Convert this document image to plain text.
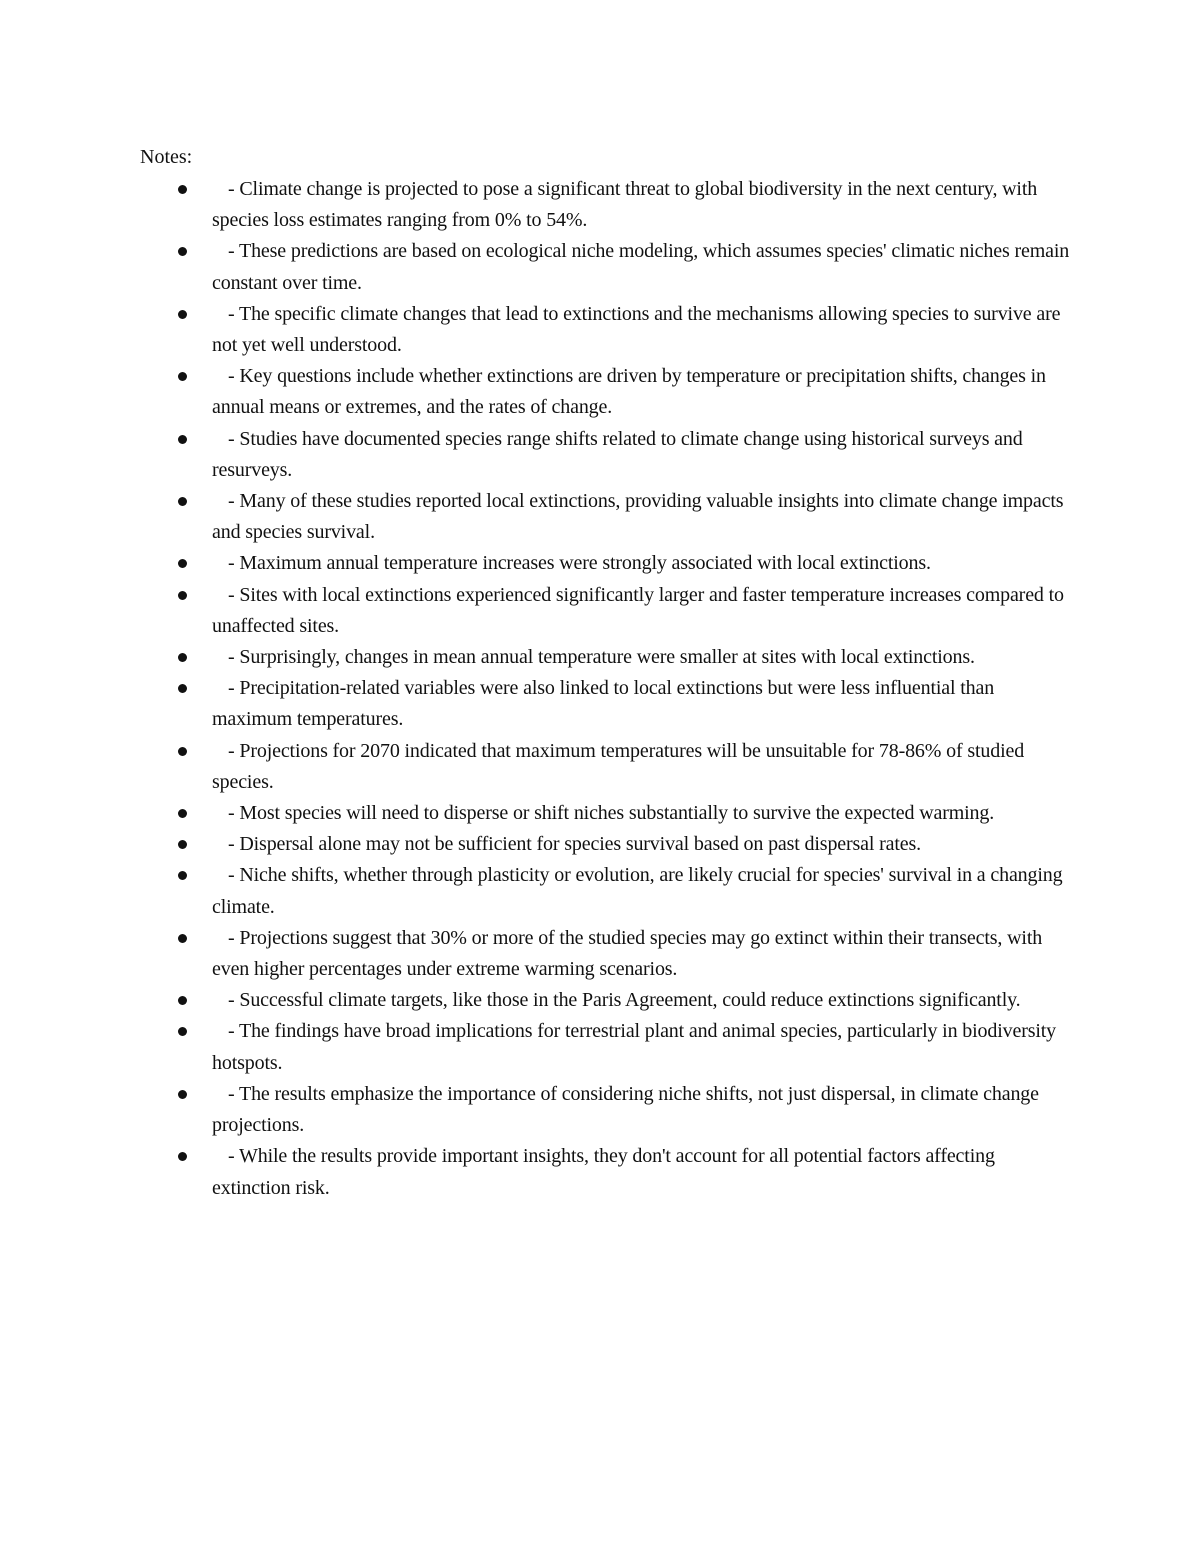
Notes:
- Climate change is projected to pose a significant threat to global biodiversity in the next century, with species loss estimates ranging from 0% to 54%.
- These predictions are based on ecological niche modeling, which assumes species' climatic niches remain constant over time.
- The specific climate changes that lead to extinctions and the mechanisms allowing species to survive are not yet well understood.
- Key questions include whether extinctions are driven by temperature or precipitation shifts, changes in annual means or extremes, and the rates of change.
- Studies have documented species range shifts related to climate change using historical surveys and resurveys.
- Many of these studies reported local extinctions, providing valuable insights into climate change impacts and species survival.
- Maximum annual temperature increases were strongly associated with local extinctions.
- Sites with local extinctions experienced significantly larger and faster temperature increases compared to unaffected sites.
- Surprisingly, changes in mean annual temperature were smaller at sites with local extinctions.
- Precipitation-related variables were also linked to local extinctions but were less influential than maximum temperatures.
- Projections for 2070 indicated that maximum temperatures will be unsuitable for 78-86% of studied species.
- Most species will need to disperse or shift niches substantially to survive the expected warming.
- Dispersal alone may not be sufficient for species survival based on past dispersal rates.
- Niche shifts, whether through plasticity or evolution, are likely crucial for species' survival in a changing climate.
- Projections suggest that 30% or more of the studied species may go extinct within their transects, with even higher percentages under extreme warming scenarios.
- Successful climate targets, like those in the Paris Agreement, could reduce extinctions significantly.
- The findings have broad implications for terrestrial plant and animal species, particularly in biodiversity hotspots.
- The results emphasize the importance of considering niche shifts, not just dispersal, in climate change projections.
- While the results provide important insights, they don't account for all potential factors affecting extinction risk.
